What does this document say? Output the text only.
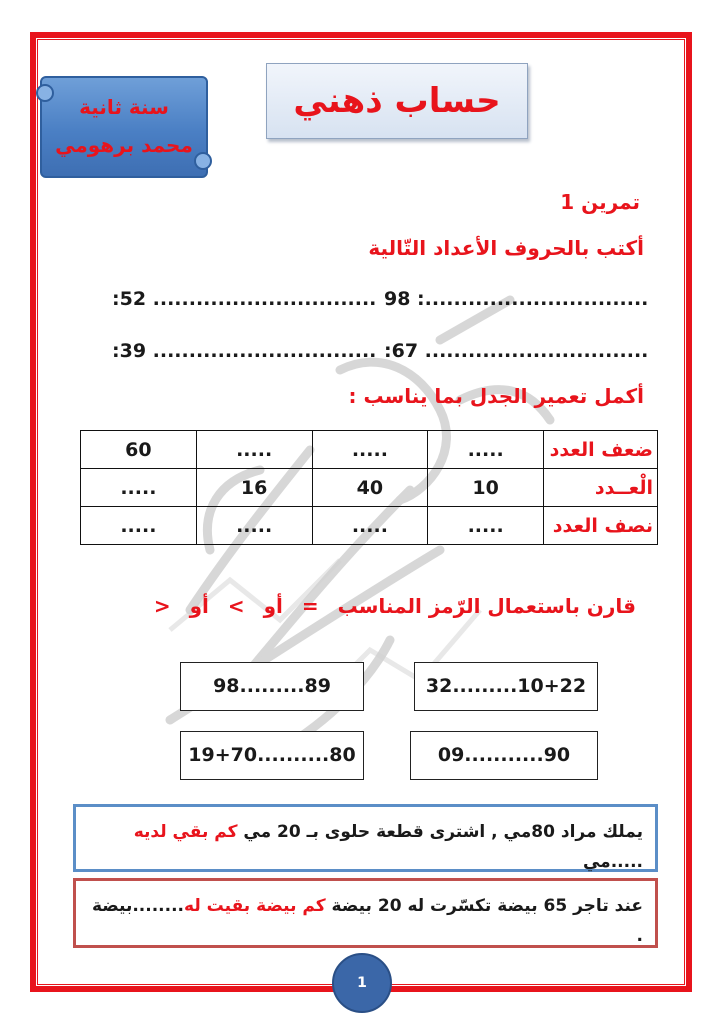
سنة ثانية
محمد برهومي
حساب ذهني
تمرين 1
أكتب بالحروف الأعداد التّالية
98 :...............................
:52 ...............................
:67 ...............................
:39 ...............................
أكمل تعمير الجدل بما يناسب :
ضعف العدد	.....	.....	.....	60
الْعــدد	10	40	16	.....
نصف العدد	.....	.....	.....	.....
قارن باستعمال الرّمز المناسب = أو > أو <
32.........10+22
98.........89
09...........90
19+70..........80
يملك مراد 80مي , اشترى قطعة حلوى بـ 20 مي كم بقي لديه .....مي
عند تاجر 65 بيضة تكسّرت له 20 بيضة كم بيضة بقيت له........بيضة .
1
